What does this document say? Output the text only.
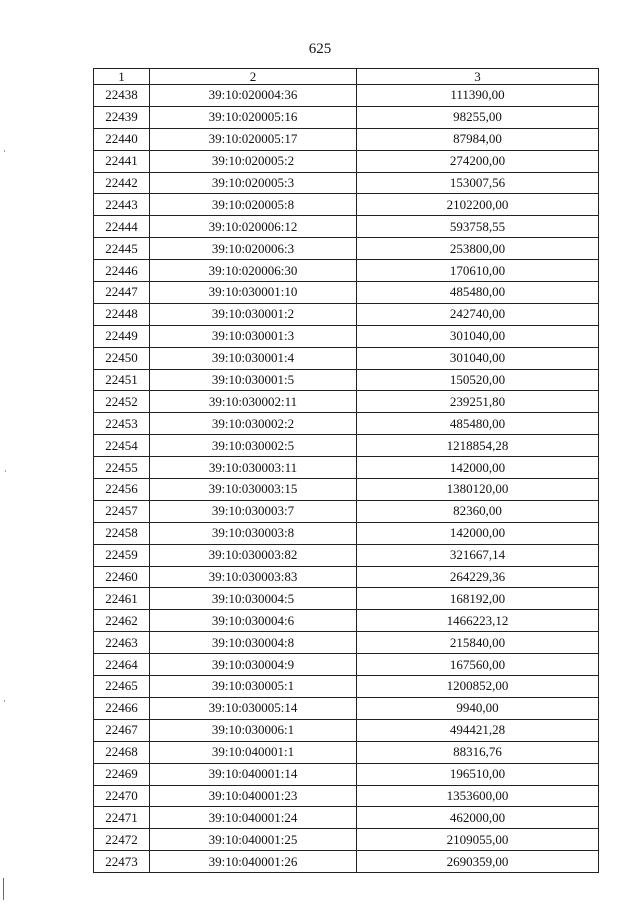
625
1	2	3
22438	39:10:020004:36	111390,00
22439	39:10:020005:16	98255,00
22440	39:10:020005:17	87984,00
22441	39:10:020005:2	274200,00
22442	39:10:020005:3	153007,56
22443	39:10:020005:8	2102200,00
22444	39:10:020006:12	593758,55
22445	39:10:020006:3	253800,00
22446	39:10:020006:30	170610,00
22447	39:10:030001:10	485480,00
22448	39:10:030001:2	242740,00
22449	39:10:030001:3	301040,00
22450	39:10:030001:4	301040,00
22451	39:10:030001:5	150520,00
22452	39:10:030002:11	239251,80
22453	39:10:030002:2	485480,00
22454	39:10:030002:5	1218854,28
22455	39:10:030003:11	142000,00
22456	39:10:030003:15	1380120,00
22457	39:10:030003:7	82360,00
22458	39:10:030003:8	142000,00
22459	39:10:030003:82	321667,14
22460	39:10:030003:83	264229,36
22461	39:10:030004:5	168192,00
22462	39:10:030004:6	1466223,12
22463	39:10:030004:8	215840,00
22464	39:10:030004:9	167560,00
22465	39:10:030005:1	1200852,00
22466	39:10:030005:14	9940,00
22467	39:10:030006:1	494421,28
22468	39:10:040001:1	88316,76
22469	39:10:040001:14	196510,00
22470	39:10:040001:23	1353600,00
22471	39:10:040001:24	462000,00
22472	39:10:040001:25	2109055,00
22473	39:10:040001:26	2690359,00
